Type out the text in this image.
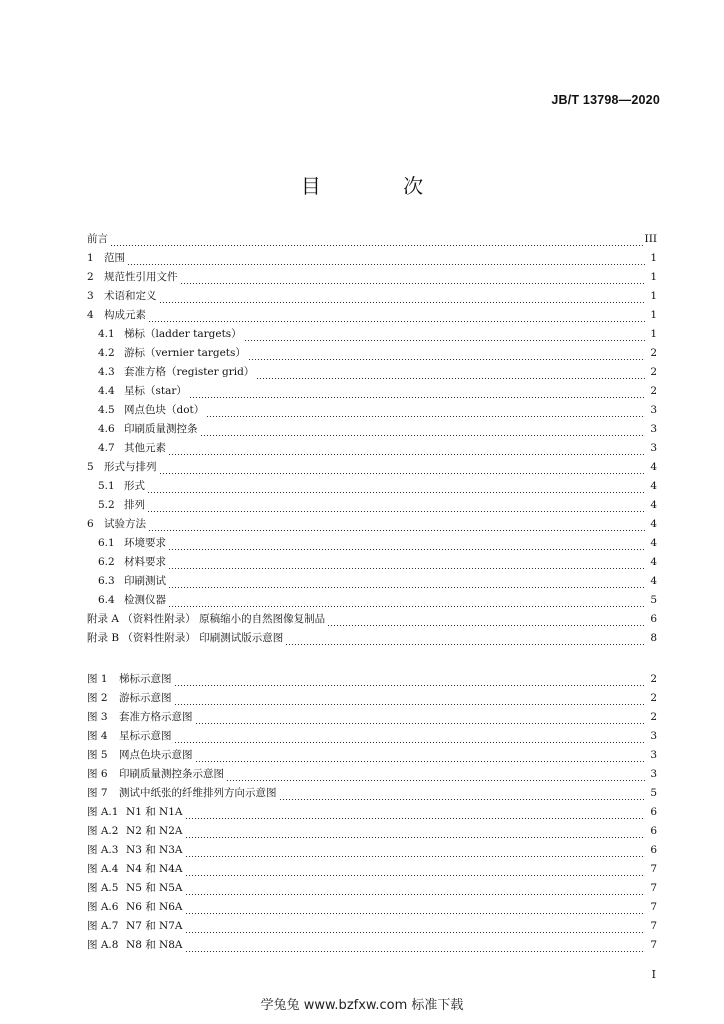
JB/T 13798—2020
目 次
前言	III
1 范围	1
2 规范性引用文件	1
3 术语和定义	1
4 构成元素	1
4.1 梯标（ladder targets）	1
4.2 游标（vernier targets）	2
4.3 套准方格（register grid）	2
4.4 星标（star）	2
4.5 网点色块（dot）	3
4.6 印刷质量测控条	3
4.7 其他元素	3
5 形式与排列	4
5.1 形式	4
5.2 排列	4
6 试验方法	4
6.1 环境要求	4
6.2 材料要求	4
6.3 印刷测试	4
6.4 检测仪器	5
附录 A （资料性附录） 原稿缩小的自然图像复制品	6
附录 B （资料性附录） 印刷测试版示意图	8
图 1	梯标示意图	2
图 2	游标示意图	2
图 3	套准方格示意图	2
图 4	星标示意图	3
图 5	网点色块示意图	3
图 6	印刷质量测控条示意图	3
图 7	测试中纸张的纤维排列方向示意图	5
图 A.1 N1 和 N1A	6
图 A.2 N2 和 N2A	6
图 A.3 N3 和 N3A	6
图 A.4 N4 和 N4A	7
图 A.5 N5 和 N5A	7
图 A.6 N6 和 N6A	7
图 A.7 N7 和 N7A	7
图 A.8 N8 和 N8A	7
I
学兔兔 www.bzfxw.com 标准下载
